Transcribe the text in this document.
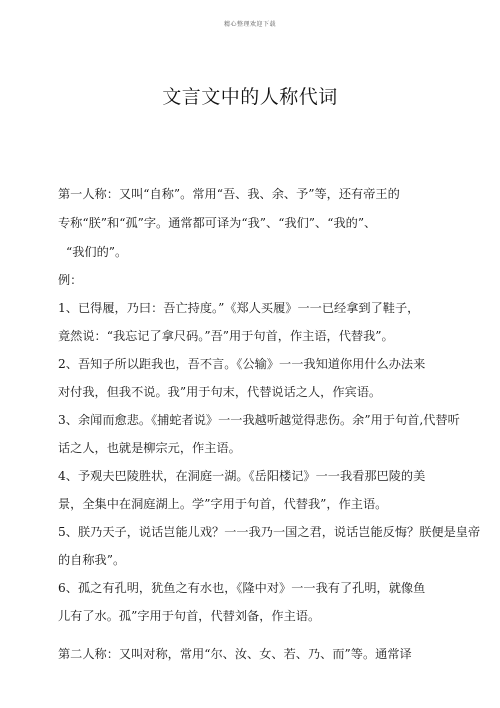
精心整理欢迎下载
文言文中的人称代词
第一人称：又叫“自称”。常用“吾、我、余、予”等，还有帝王的
专称“朕”和“孤”字。通常都可译为“我”、“我们”、“我的”、
“我们的”。
例：
1、已得履，乃曰：吾亡持度。”《郑人买履》一一已经拿到了鞋子，
竟然说：“我忘记了拿尺码。”吾”用于句首，作主语，代替我”。
2、吾知子所以距我也，吾不言。《公输》一一我知道你用什么办法来
对付我，但我不说。我”用于句末，代替说话之人，作宾语。
3、余闻而愈悲。《捕蛇者说》一一我越听越觉得悲伤。余”用于句首,代替听
话之人，也就是柳宗元，作主语。
4、予观夫巴陵胜状，在洞庭一湖。《岳阳楼记》一一我看那巴陵的美
景，全集中在洞庭湖上。学”字用于句首，代替我”，作主语。
5、朕乃天子，说话岂能儿戏？一一我乃一国之君，说话岂能反悔？朕便是皇帝
的自称我”。
6、孤之有孔明，犹鱼之有水也，《隆中对》一一我有了孔明，就像鱼
儿有了水。孤”字用于句首，代替刘备，作主语。
第二人称：又叫对称，常用“尔、汝、女、若、乃、而”等。通常译
